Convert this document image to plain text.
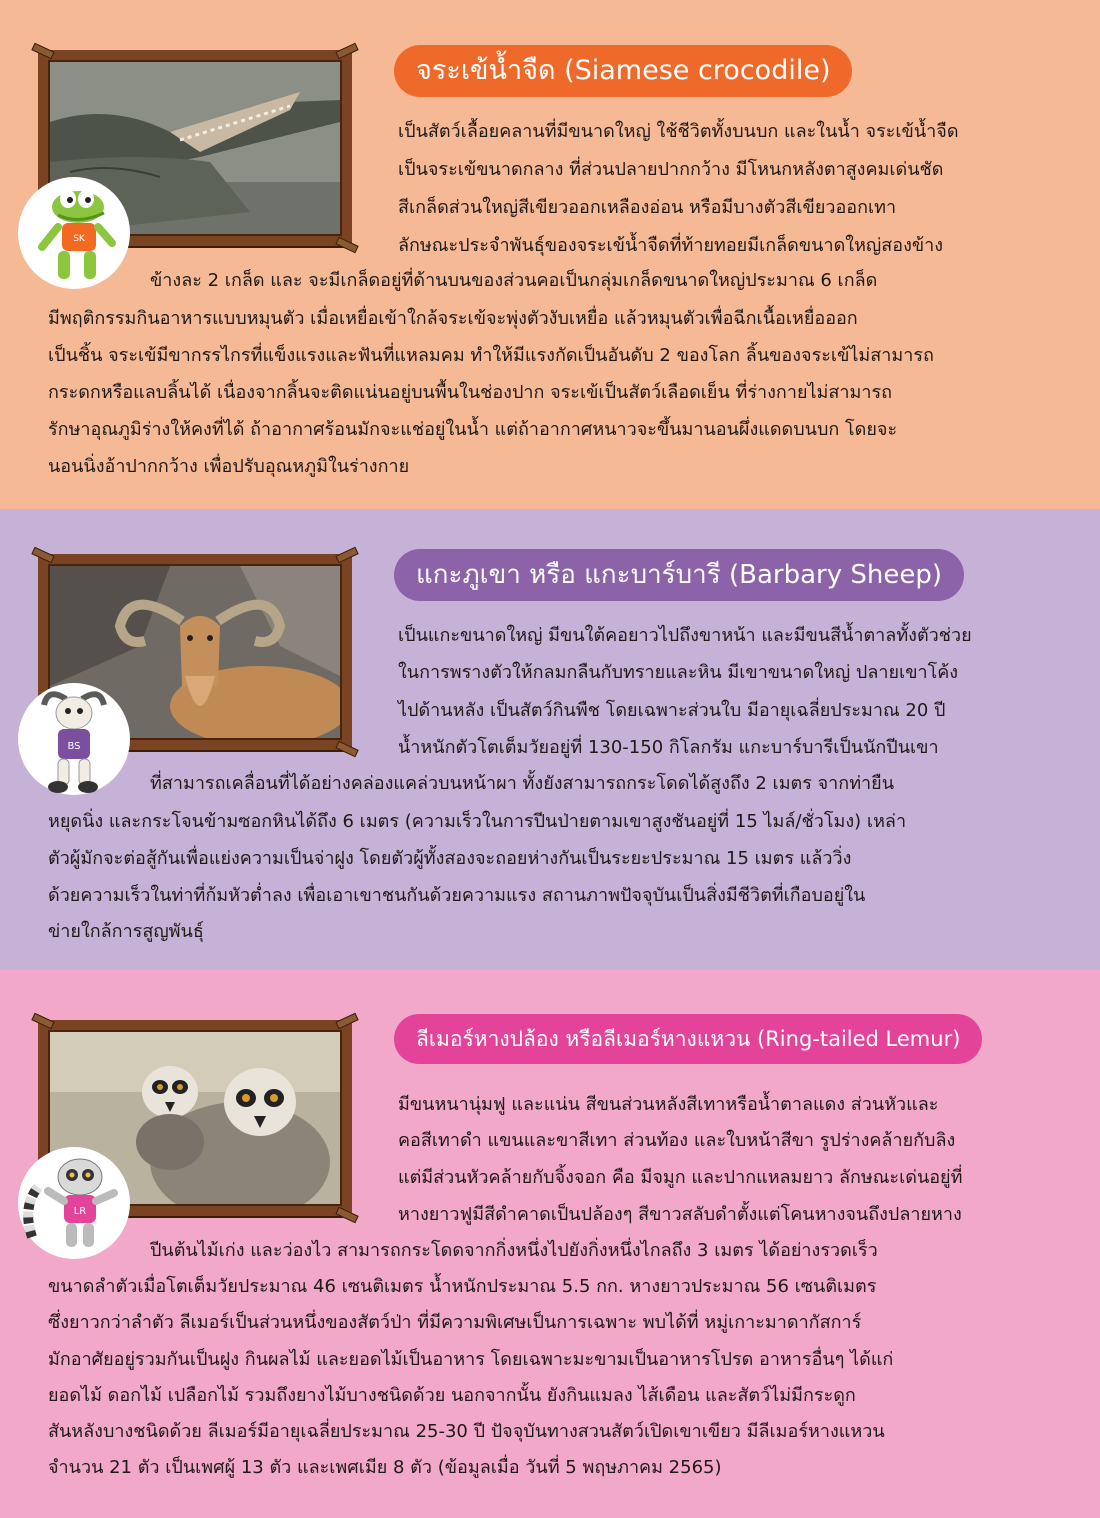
SK
จระเข้น้ำจืด (Siamese crocodile)
เป็นสัตว์เลื้อยคลานที่มีขนาดใหญ่ ใช้ชีวิตทั้งบนบก และในน้ำ จระเข้น้ำจืด
เป็นจระเข้ขนาดกลาง ที่ส่วนปลายปากกว้าง มีโหนกหลังตาสูงคมเด่นชัด
สีเกล็ดส่วนใหญ่สีเขียวออกเหลืองอ่อน หรือมีบางตัวสีเขียวออกเทา
ลักษณะประจำพันธุ์ของจระเข้น้ำจืดที่ท้ายทอยมีเกล็ดขนาดใหญ่สองข้าง
ข้างละ 2 เกล็ด และ จะมีเกล็ดอยู่ที่ด้านบนของส่วนคอเป็นกลุ่มเกล็ดขนาดใหญ่ประมาณ 6 เกล็ด
มีพฤติกรรมกินอาหารแบบหมุนตัว เมื่อเหยื่อเข้าใกล้จระเข้จะพุ่งตัวงับเหยื่อ แล้วหมุนตัวเพื่อฉีกเนื้อเหยื่อออก
เป็นชิ้น จระเข้มีขากรรไกรที่แข็งแรงและฟันที่แหลมคม ทำให้มีแรงกัดเป็นอันดับ 2 ของโลก ลิ้นของจระเข้ไม่สามารถ
กระดกหรือแลบลิ้นได้ เนื่องจากลิ้นจะติดแน่นอยู่บนพื้นในช่องปาก จระเข้เป็นสัตว์เลือดเย็น ที่ร่างกายไม่สามารถ
รักษาอุณภูมิร่างให้คงที่ได้ ถ้าอากาศร้อนมักจะแช่อยู่ในน้ำ แต่ถ้าอากาศหนาวจะขึ้นมานอนผึ่งแดดบนบก โดยจะ
นอนนิ่งอ้าปากกว้าง เพื่อปรับอุณหภูมิในร่างกาย
BS
แกะภูเขา หรือ แกะบาร์บารี (Barbary Sheep)
เป็นแกะขนาดใหญ่ มีขนใต้คอยาวไปถึงขาหน้า และมีขนสีน้ำตาลทั้งตัวช่วย
ในการพรางตัวให้กลมกลืนกับทรายและหิน มีเขาขนาดใหญ่ ปลายเขาโค้ง
ไปด้านหลัง เป็นสัตว์กินพืช โดยเฉพาะส่วนใบ มีอายุเฉลี่ยประมาณ 20 ปี
น้ำหนักตัวโตเต็มวัยอยู่ที่ 130-150 กิโลกรัม แกะบาร์บารีเป็นนักปีนเขา
ที่สามารถเคลื่อนที่ได้อย่างคล่องแคล่วบนหน้าผา ทั้งยังสามารถกระโดดได้สูงถึง 2 เมตร จากท่ายืน
หยุดนิ่ง และกระโจนข้ามซอกหินได้ถึง 6 เมตร (ความเร็วในการปีนป่ายตามเขาสูงชันอยู่ที่ 15 ไมล์/ชั่วโมง) เหล่า
ตัวผู้มักจะต่อสู้กันเพื่อแย่งความเป็นจ่าฝูง โดยตัวผู้ทั้งสองจะถอยห่างกันเป็นระยะประมาณ 15 เมตร แล้ววิ่ง
ด้วยความเร็วในท่าที่ก้มหัวต่ำลง เพื่อเอาเขาชนกันด้วยความแรง สถานภาพปัจจุบันเป็นสิ่งมีชีวิตที่เกือบอยู่ใน
ข่ายใกล้การสูญพันธุ์
LR
ลีเมอร์หางปล้อง หรือลีเมอร์หางแหวน (Ring-tailed Lemur)
มีขนหนานุ่มฟู และแน่น สีขนส่วนหลังสีเทาหรือน้ำตาลแดง ส่วนหัวและ
คอสีเทาดำ แขนและขาสีเทา ส่วนท้อง และใบหน้าสีขา รูปร่างคล้ายกับลิง
แต่มีส่วนหัวคล้ายกับจิ้งจอก คือ มีจมูก และปากแหลมยาว ลักษณะเด่นอยู่ที่
หางยาวฟูมีสีดำคาดเป็นปล้องๆ สีขาวสลับดำตั้งแต่โคนหางจนถึงปลายหาง
ปีนต้นไม้เก่ง และว่องไว สามารถกระโดดจากกิ่งหนึ่งไปยังกิ่งหนึ่งไกลถึง 3 เมตร ได้อย่างรวดเร็ว
ขนาดลำตัวเมื่อโตเต็มวัยประมาณ 46 เซนติเมตร น้ำหนักประมาณ 5.5 กก. หางยาวประมาณ 56 เซนติเมตร
ซึ่งยาวกว่าลำตัว ลีเมอร์เป็นส่วนหนึ่งของสัตว์ป่า ที่มีความพิเศษเป็นการเฉพาะ พบได้ที่ หมู่เกาะมาดากัสการ์
มักอาศัยอยู่รวมกันเป็นฝูง กินผลไม้ และยอดไม้เป็นอาหาร โดยเฉพาะมะขามเป็นอาหารโปรด อาหารอื่นๆ ได้แก่
ยอดไม้ ดอกไม้ เปลือกไม้ รวมถึงยางไม้บางชนิดด้วย นอกจากนั้น ยังกินแมลง ไส้เดือน และสัตว์ไม่มีกระดูก
สันหลังบางชนิดด้วย ลีเมอร์มีอายุเฉลี่ยประมาณ 25-30 ปี ปัจจุบันทางสวนสัตว์เปิดเขาเขียว มีลีเมอร์หางแหวน
จำนวน 21 ตัว เป็นเพศผู้ 13 ตัว และเพศเมีย 8 ตัว (ข้อมูลเมื่อ วันที่ 5 พฤษภาคม 2565)
